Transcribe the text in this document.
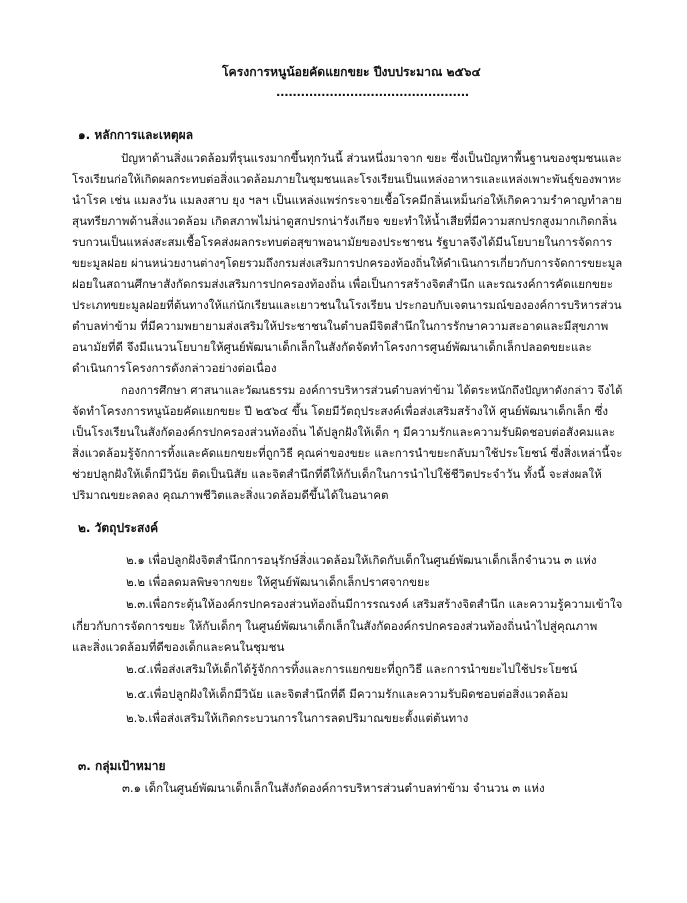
โครงการหนูน้อยคัดแยกขยะ ปีงบประมาณ ๒๕๖๔
...............................................
๑. หลักการและเหตุผล
ปัญหาด้านสิ่งแวดล้อมที่รุนแรงมากขึ้นทุกวันนี้ ส่วนหนึ่งมาจาก ขยะ ซึ่งเป็นปัญหาพื้นฐานของชุมชนและ
โรงเรียนก่อให้เกิดผลกระทบต่อสิ่งแวดล้อมภายในชุมชนและโรงเรียนเป็นแหล่งอาหารและแหล่งเพาะพันธุ์ของพาหะ
นำโรค เช่น แมลงวัน แมลงสาบ ยุง ฯลฯ เป็นแหล่งแพร่กระจายเชื้อโรคมีกลิ่นเหม็นก่อให้เกิดความรำคาญทำลาย
สุนทรียภาพด้านสิ่งแวดล้อม เกิดสภาพไม่น่าดูสกปรกน่ารังเกียจ ขยะทำให้น้ำเสียที่มีความสกปรกสูงมากเกิดกลิ่น
รบกวนเป็นแหล่งสะสมเชื้อโรคส่งผลกระทบต่อสุขาพอนามัยของประชาชน รัฐบาลจึงได้มีนโยบายในการจัดการ
ขยะมูลฝอย ผ่านหน่วยงานต่างๆโดยรวมถึงกรมส่งเสริมการปกครองท้องถิ่นให้ดำเนินการเกี่ยวกับการจัดการขยะมูล
ฝอยในสถานศึกษาสังกัดกรมส่งเสริมการปกครองท้องถิ่น เพื่อเป็นการสร้างจิตสำนึก และรณรงค์การคัดแยกขยะ
ประเภทขยะมูลฝอยที่ต้นทางให้แก่นักเรียนและเยาวชนในโรงเรียน ประกอบกับเจตนารมณ์ขององค์การบริหารส่วน
ตำบลท่าข้าม ที่มีความพยายามส่งเสริมให้ประชาชนในตำบลมีจิตสำนึกในการรักษาความสะอาดและมีสุขภาพ
อนามัยที่ดี จึงมีแนวนโยบายให้ศูนย์พัฒนาเด็กเล็กในสังกัดจัดทำโครงการศูนย์พัฒนาเด็กเล็กปลอดขยะและ
ดำเนินการโครงการดังกล่าวอย่างต่อเนื่อง
กองการศึกษา ศาสนาและวัฒนธรรม องค์การบริหารส่วนตำบลท่าข้าม ได้ตระหนักถึงปัญหาดังกล่าว จึงได้
จัดทำโครงการหนูน้อยคัดแยกขยะ ปี ๒๕๖๔ ขึ้น โดยมีวัตถุประสงค์เพื่อส่งเสริมสร้างให้ ศูนย์พัฒนาเด็กเล็ก ซึ่ง
เป็นโรงเรียนในสังกัดองค์กรปกครองส่วนท้องถิ่น ได้ปลูกฝังให้เด็ก ๆ มีความรักและความรับผิดชอบต่อสังคมและ
สิ่งแวดล้อมรู้จักการทิ้งและคัดแยกขยะที่ถูกวิธี คุณค่าของขยะ และการนำขยะกลับมาใช้ประโยชน์ ซึ่งสิ่งเหล่านี้จะ
ช่วยปลูกฝังให้เด็กมีวินัย ติดเป็นนิสัย และจิตสำนึกที่ดีให้กับเด็กในการนำไปใช้ชีวิตประจำวัน ทั้งนี้ จะส่งผลให้
ปริมาณขยะลดลง คุณภาพชีวิตและสิ่งแวดล้อมดีขึ้นได้ในอนาคต
๒. วัตถุประสงค์
๒.๑ เพื่อปลูกฝังจิตสำนึกการอนุรักษ์สิ่งแวดล้อมให้เกิดกับเด็กในศูนย์พัฒนาเด็กเล็กจำนวน ๓ แห่ง
๒.๒ เพื่อลดมลพิษจากขยะ ให้ศูนย์พัฒนาเด็กเล็กปราศจากขยะ
๒.๓.เพื่อกระตุ้นให้องค์กรปกครองส่วนท้องถิ่นมีการรณรงค์ เสริมสร้างจิตสำนึก และความรู้ความเข้าใจ
เกี่ยวกับการจัดการขยะ ให้กับเด็กๆ ในศูนย์พัฒนาเด็กเล็กในสังกัดองค์กรปกครองส่วนท้องถิ่นนำไปสู่คุณภาพ
และสิ่งแวดล้อมที่ดีของเด็กและคนในชุมชน
๒.๔.เพื่อส่งเสริมให้เด็กได้รู้จักการทิ้งและการแยกขยะที่ถูกวิธี และการนำขยะไปใช้ประโยชน์
๒.๕.เพื่อปลูกฝังให้เด็กมีวินัย และจิตสำนึกที่ดี มีความรักและความรับผิดชอบต่อสิ่งแวดล้อม
๒.๖.เพื่อส่งเสริมให้เกิดกระบวนการในการลดปริมาณขยะตั้งแต่ต้นทาง
๓. กลุ่มเป้าหมาย
๓.๑ เด็กในศูนย์พัฒนาเด็กเล็กในสังกัดองค์การบริหารส่วนตำบลท่าข้าม จำนวน ๓ แห่ง
